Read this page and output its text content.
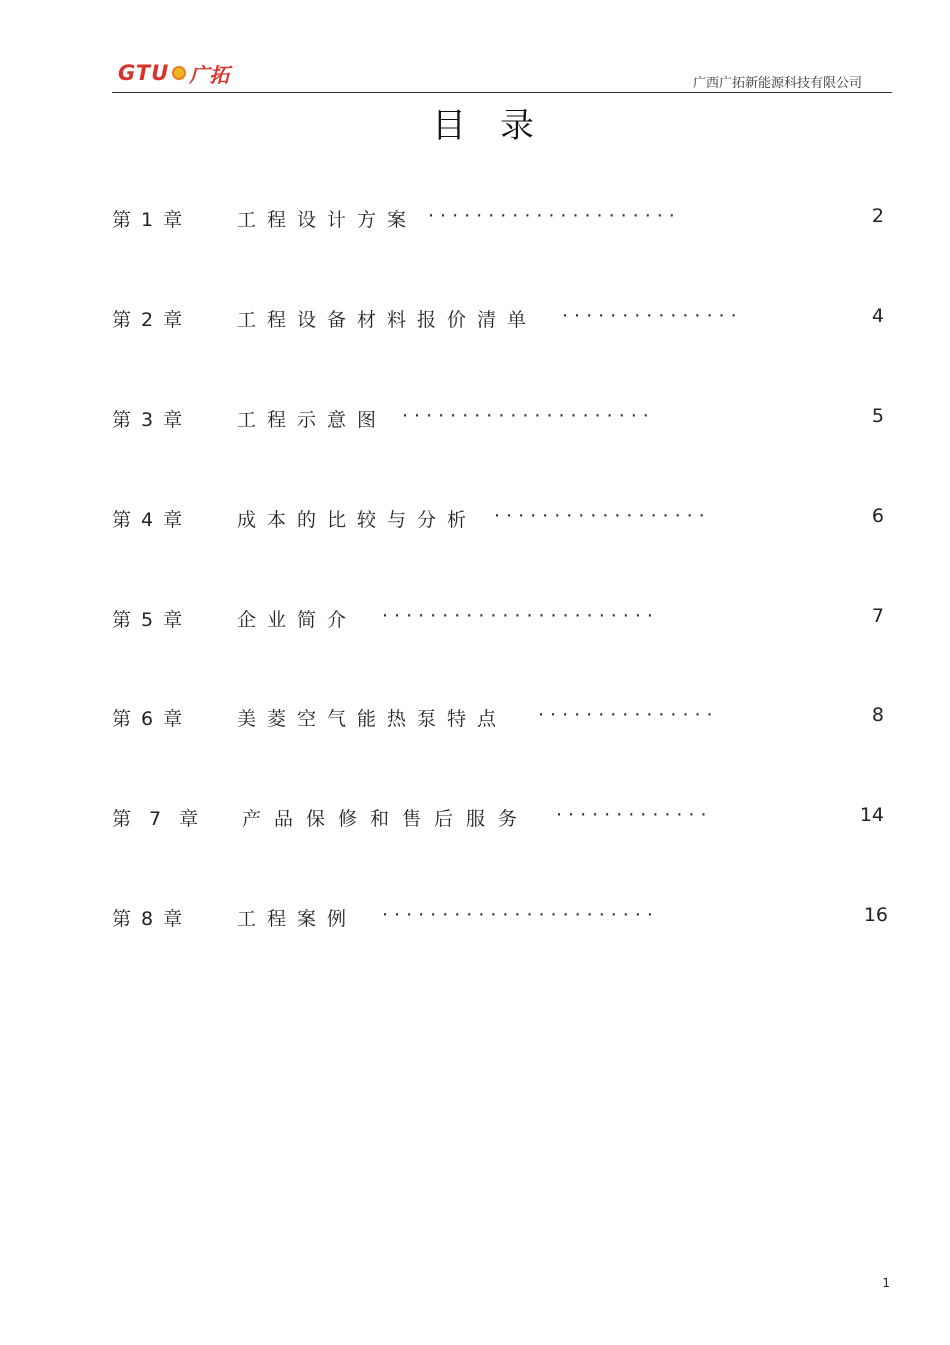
GTU 广拓	广西广拓新能源科技有限公司
目录
第 1 章	工程设计方案 ·····················	2
第 2 章	工程设备材料报价清单 ···············	4
第 3 章	工程示意图 ·····················	5
第 4 章	成本的比较与分析 ··················	6
第 5 章	企业简介 ·······················	7
第 6 章	美菱空气能热泵特点 ···············	8
第 7 章 产品保修和售后服务 ·············	14
第 8 章	工程案例 ·······················	16
1
